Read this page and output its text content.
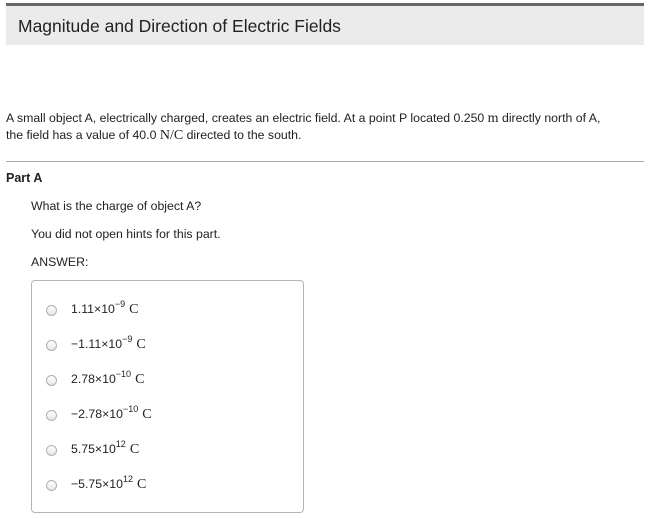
Magnitude and Direction of Electric Fields
A small object A, electrically charged, creates an electric field. At a point P located 0.250 m directly north of A,
the field has a value of 40.0 N/C directed to the south.
Part A
What is the charge of object A?
You did not open hints for this part.
ANSWER:
$1.11\times 10^{-9}$ C
$-1.11\times 10^{-9}$ C
$2.78\times 10^{-10}$ C
$-2.78\times 10^{-10}$ C
$5.75\times 10^{12}$ C
$-5.75\times 10^{12}$ C
